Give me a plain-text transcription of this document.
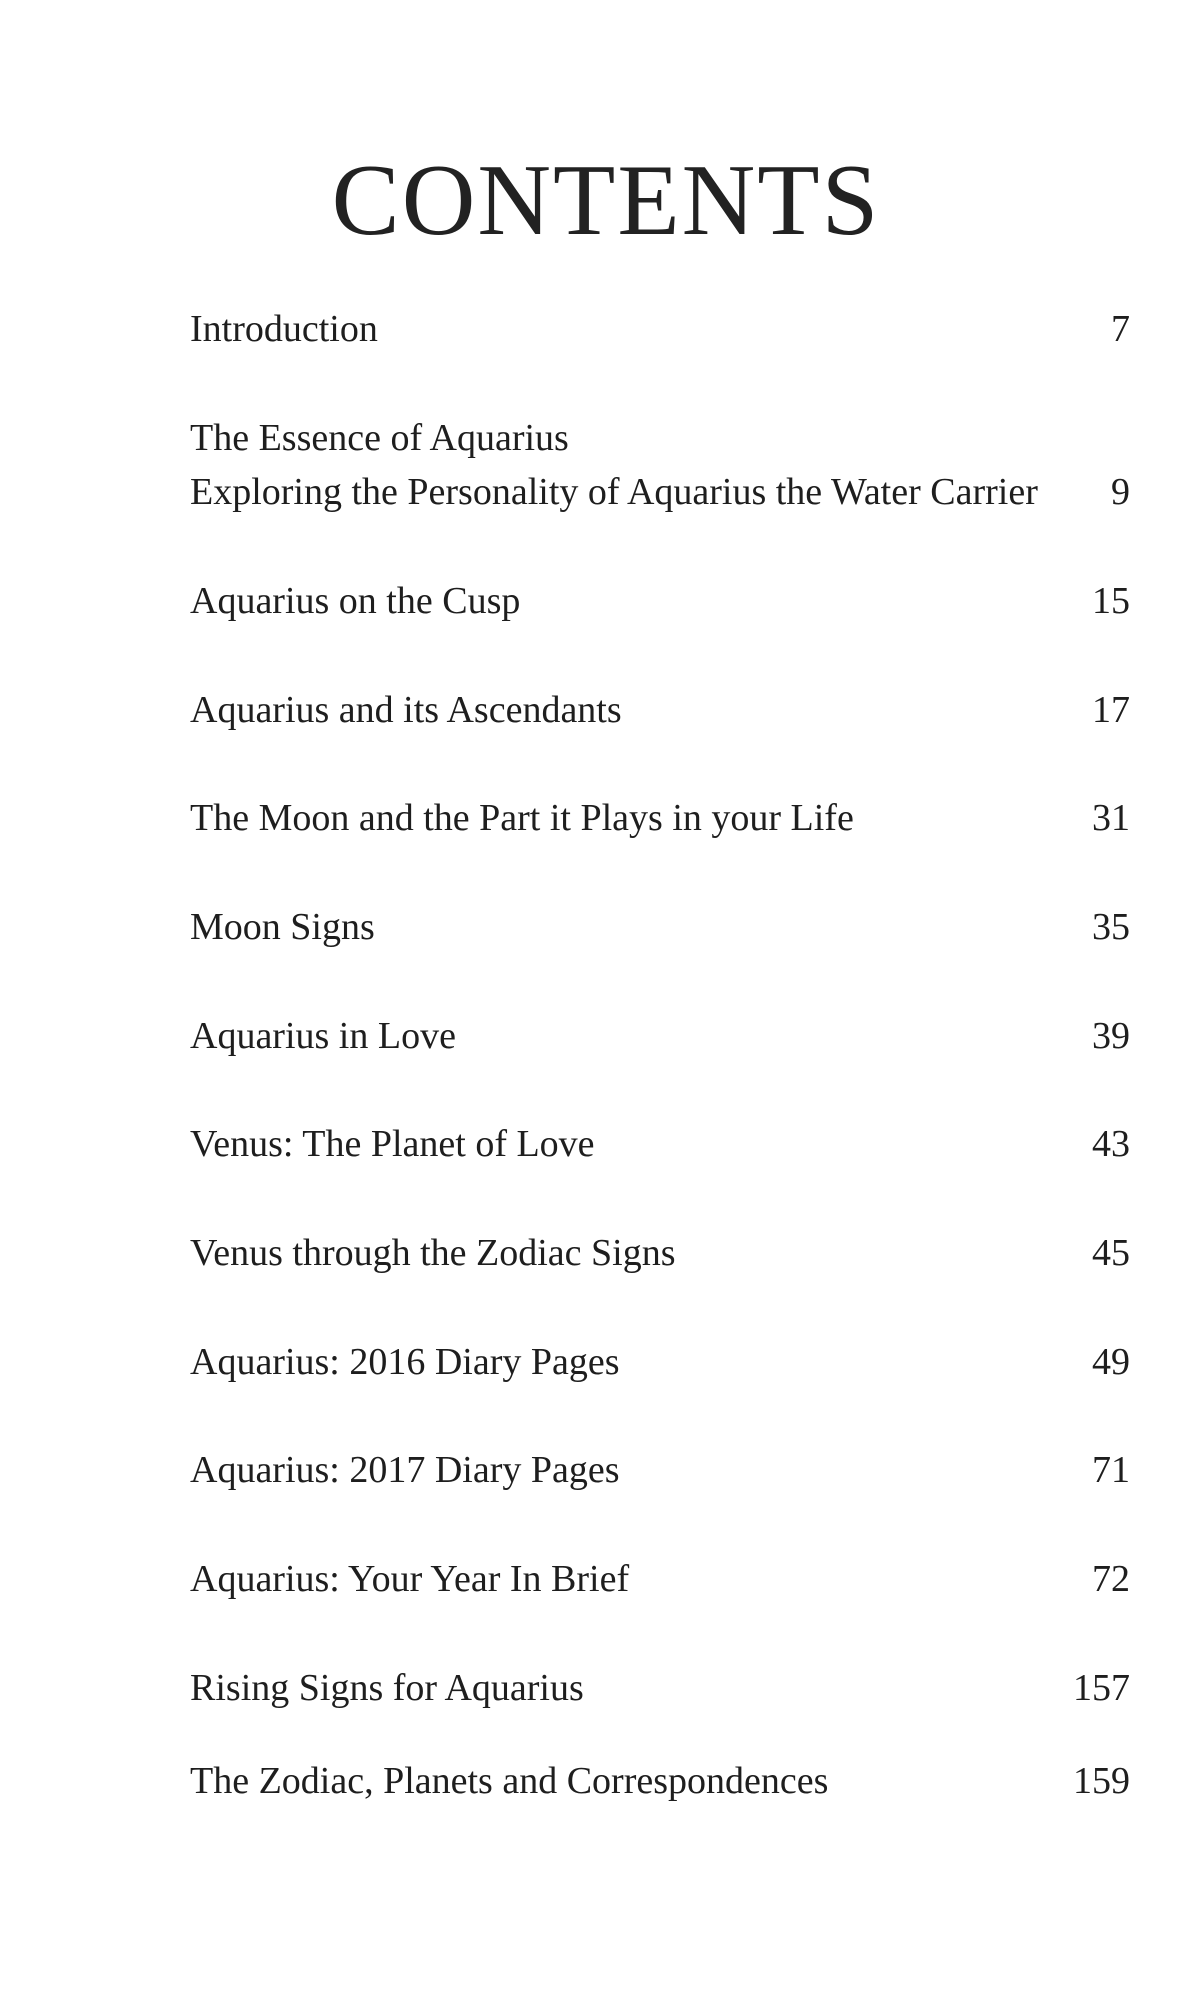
CONTENTS
Introduction	7
The Essence of Aquarius
Exploring the Personality of Aquarius the Water Carrier	9
Aquarius on the Cusp	15
Aquarius and its Ascendants	17
The Moon and the Part it Plays in your Life	31
Moon Signs	35
Aquarius in Love	39
Venus: The Planet of Love	43
Venus through the Zodiac Signs	45
Aquarius: 2016 Diary Pages	49
Aquarius: 2017 Diary Pages	71
Aquarius: Your Year In Brief	72
Rising Signs for Aquarius	157
The Zodiac, Planets and Correspondences	159
